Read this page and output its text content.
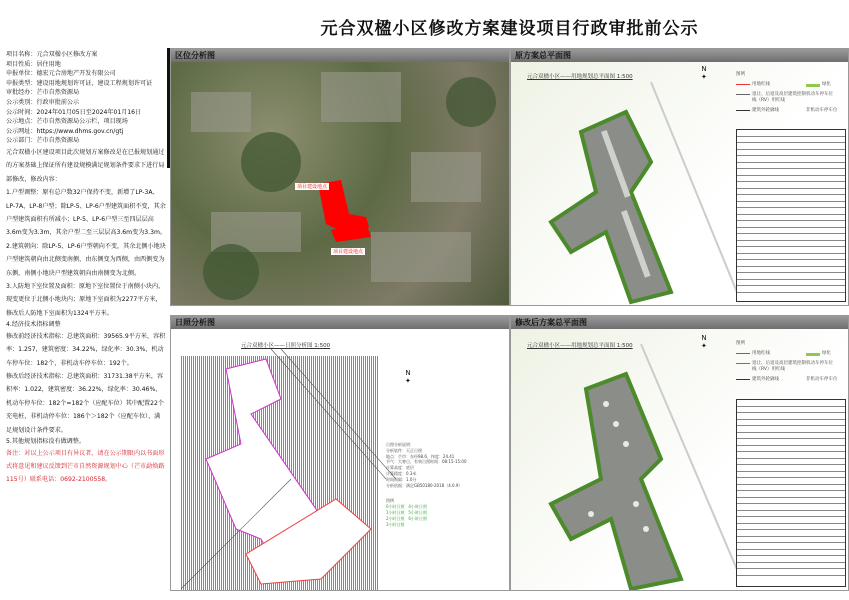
元合双楹小区修改方案建设项目行政审批前公示
项目名称：元合双楹小区修改方案
项目性质：居住用地
申报单位：德宏元合房地产开发有限公司
申报类型：建设用地规划许可证，建设工程规划许可证
审批经办：芒市自然资源局
公示类别：行政审批前公示
公示时间：2024年01月05日至2024年01月16日
公示地点：芒市自然资源局公示栏，项目现场
公示网址：https://www.dhms.gov.cn/gtj
公示部门：芒市自然资源局
元合双楹小区建设项目此次规划方案修改是在已报规划通过的方案基础上保证所有建设规模满足规划条件要求下进行局部修改，修改内容：
1.户型调整：原有总户数32户保持不变，新增了LP-3A、LP-7A、LP-8户型；除LP-5、LP-6户型建筑面积不变，其余户型建筑面积有所减小；LP-5、LP-6户型三至四层层高3.6m变为3.3m，其余户型二至三层层高3.6m变为3.3m。
2.建筑朝向：除LP-5、LP-6户型朝向不变，其余北侧小地块户型建筑朝向由北侧变南侧，由东侧变为西侧，由西侧变为东侧，南侧小地块户型建筑朝向由南侧变为北侧。
3.人防地下室位置及面积：原地下室位置位于南侧小块内，现变更位于北侧小地块内；原地下室面积为2277平方米，修改后人防地下室面积为1324平方米。
4.经济技术指标调整
修改前经济技术指标：总建筑面积：39565.9平方米，容积率：1.257，建筑密度：34.22%，绿化率：30.3%，机动车停车位：182个，非机动车停车位：192个。
修改后经济技术指标：总建筑面积：31731.38平方米，容积率：1.022，建筑密度：36.22%，绿化率：30.46%，机动车停车位：182个=182个（应配车位）其中配置22个充电桩，非机动停车位：186个＞182个（应配车位），满足规划设计条件要求。
5.其他规划指标没有做调整。
备注：对以上公示项目有异议者，请在公示期限内以书面形式将意见和建议反馈到芒市自然资源规划中心（芒市勐焕路115号）联系电话：0692-2100558。
区位分析图
项目建设地点
项目建设地点
原方案总平面图
元合双楹小区——用地规划总平面图 1:500
N
✦	图例
用地红线	绿化
退让、后退及高层建筑控制线（RV）用红线
机动车停车位
建筑外轮廓线	非机动车停车位
日照分析图
元合双楹小区——日照分析图 1:500
N
✦
日照分析说明：
分析软件：天正日照
地点：芒市：东经98.6，纬度：24.41
节气：大寒日，有效日照时间：08:15-15:00
计算高度：底层
计算精度：0.3米
时间间隔：1.0分
分析依据：满足GB50180-2018（4.0.9）
图例
0小时日照 4小时日照
1小时日照 5小时日照
2小时日照 6小时日照
3小时日照
修改后方案总平面图
元合双楹小区——用地规划总平面图 1:500
N
✦	图例
用地红线	绿化
退让、后退及高层建筑控制线（RV）用红线
机动车停车位
建筑外轮廓线	非机动车停车位
